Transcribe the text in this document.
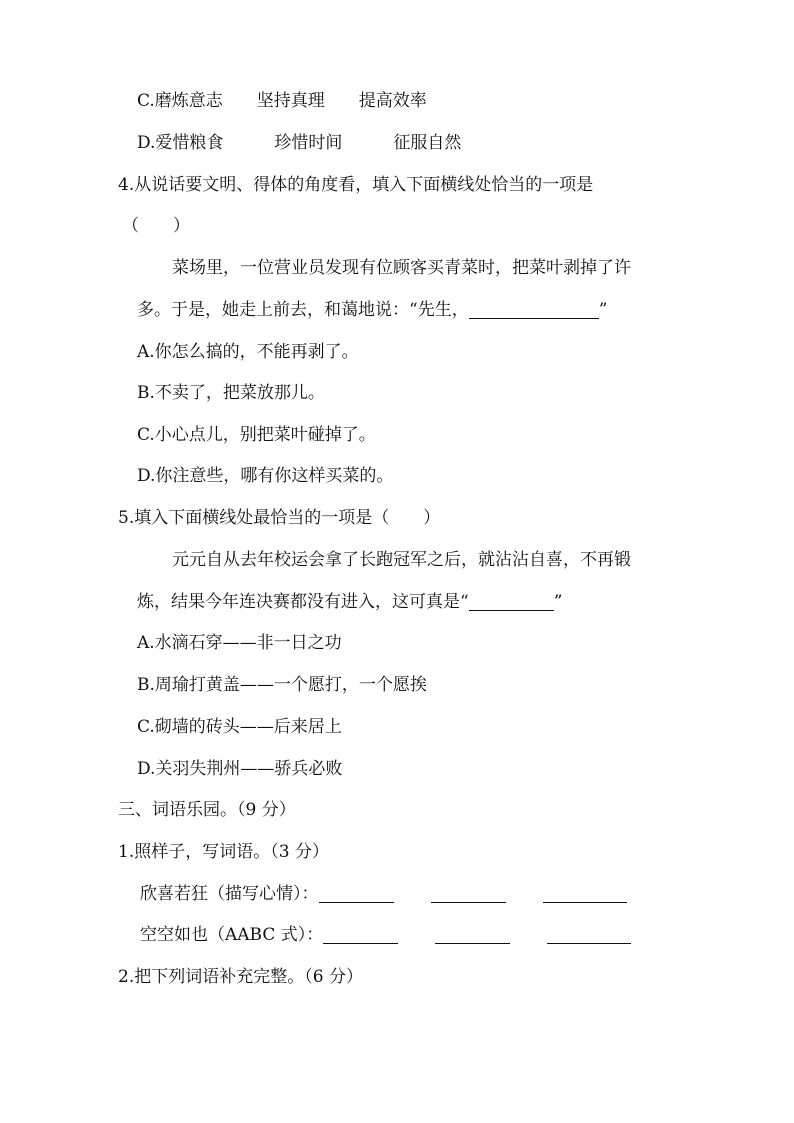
C.磨炼意志　　坚持真理　　提高效率
D.爱惜粮食　　　珍惜时间　　　征服自然
4.从说话要文明、得体的角度看，填入下面横线处恰当的一项是
（　　）
菜场里，一位营业员发现有位顾客买青菜时，把菜叶剥掉了许
多。于是，她走上前去，和蔼地说：“先生，	”
A.你怎么搞的，不能再剥了。
B.不卖了，把菜放那儿。
C.小心点儿，别把菜叶碰掉了。
D.你注意些，哪有你这样买菜的。
5.填入下面横线处最恰当的一项是（　　）
元元自从去年校运会拿了长跑冠军之后，就沾沾自喜，不再锻
炼，结果今年连决赛都没有进入，这可真是“	”
A.水滴石穿——非一日之功
B.周瑜打黄盖——一个愿打，一个愿挨
C.砌墙的砖头——后来居上
D.关羽失荆州——骄兵必败
三、词语乐园。（9 分）
1.照样子，写词语。（3 分）
欣喜若狂（描写心情）：
空空如也（AABC 式）：
2.把下列词语补充完整。（6 分）
